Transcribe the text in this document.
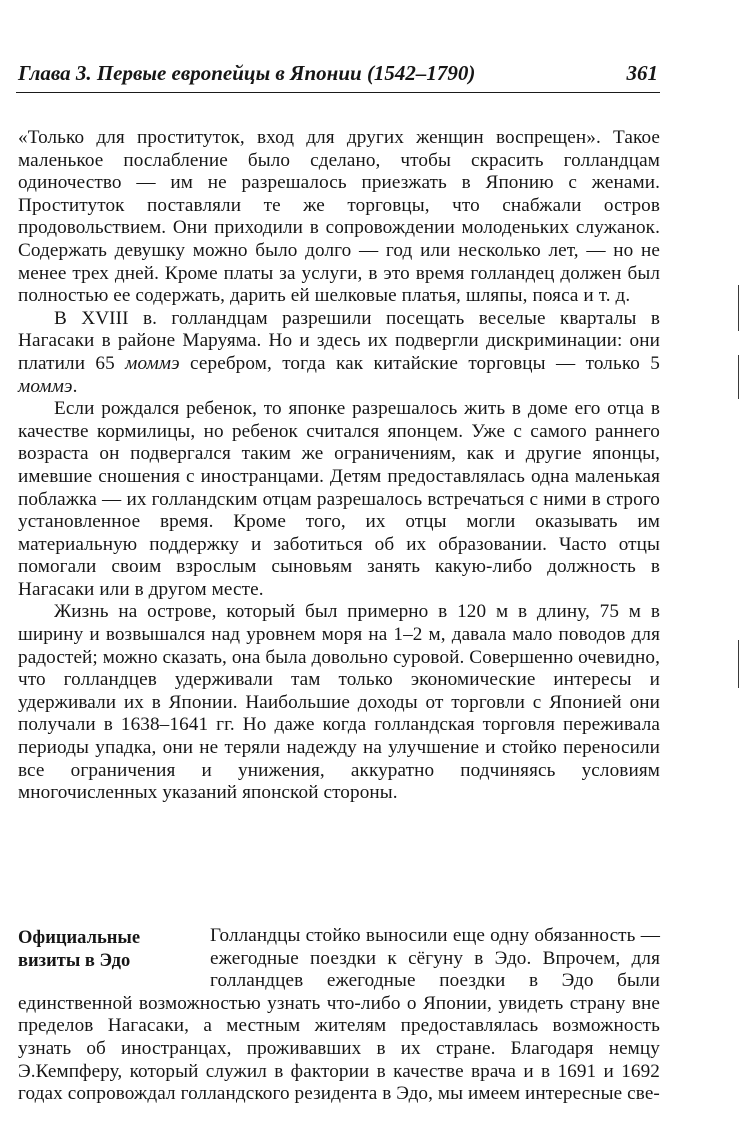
Глава 3. Первые европейцы в Японии (1542–1790)	361

«Только для проституток, вход для других женщин воспрещен». Такое маленькое послабление было сделано, чтобы скрасить голландцам одиночество — им не разрешалось приезжать в Японию с женами. Проституток поставляли те же торговцы, что снабжали остров продовольствием. Они приходили в сопровождении молоденьких служанок. Содержать девушку можно было долго — год или несколько лет, — но не менее трех дней. Кроме платы за услуги, в это время голландец должен был полностью ее содержать, дарить ей шелковые платья, шляпы, пояса и т. д.

В XVIII в. голландцам разрешили посещать веселые кварталы в Нагасаки в районе Маруяма. Но и здесь их подвергли дискриминации: они платили 65 моммэ серебром, тогда как китайские торговцы — только 5 моммэ.

Если рождался ребенок, то японке разрешалось жить в доме его отца в качестве кормилицы, но ребенок считался японцем. Уже с самого раннего возраста он подвергался таким же ограничениям, как и другие японцы, имевшие сношения с иностранцами. Детям предоставлялась одна маленькая поблажка — их голландским отцам разрешалось встречаться с ними в строго установленное время. Кроме того, их отцы могли оказывать им материальную поддержку и заботиться об их образовании. Часто отцы помогали своим взрослым сыновьям занять какую-либо должность в Нагасаки или в другом месте.

Жизнь на острове, который был примерно в 120 м в длину, 75 м в ширину и возвышался над уровнем моря на 1–2 м, давала мало поводов для радостей; можно сказать, она была довольно суровой. Совершенно очевидно, что голландцев удерживали там только экономические интересы и удерживали их в Японии. Наибольшие доходы от торговли с Японией они получали в 1638–1641 гг. Но даже когда голландская торговля переживала периоды упадка, они не теряли надежду на улучшение и стойко переносили все ограничения и унижения, аккуратно подчиняясь условиям многочисленных указаний японской стороны.

Официальные
визиты в Эдо

Голландцы стойко выносили еще одну обязанность — ежегодные поездки к сёгуну в Эдо. Впрочем, для голландцев ежегодные поездки в Эдо были единственной возможностью узнать что-либо о Японии, увидеть страну вне пределов Нагасаки, а местным жителям предоставлялась возможность узнать об иностранцах, проживавших в их стране. Благодаря немцу Э.Кемпферу, который служил в фактории в качестве врача и в 1691 и 1692 годах сопровождал голландского резидента в Эдо, мы имеем интересные све-
